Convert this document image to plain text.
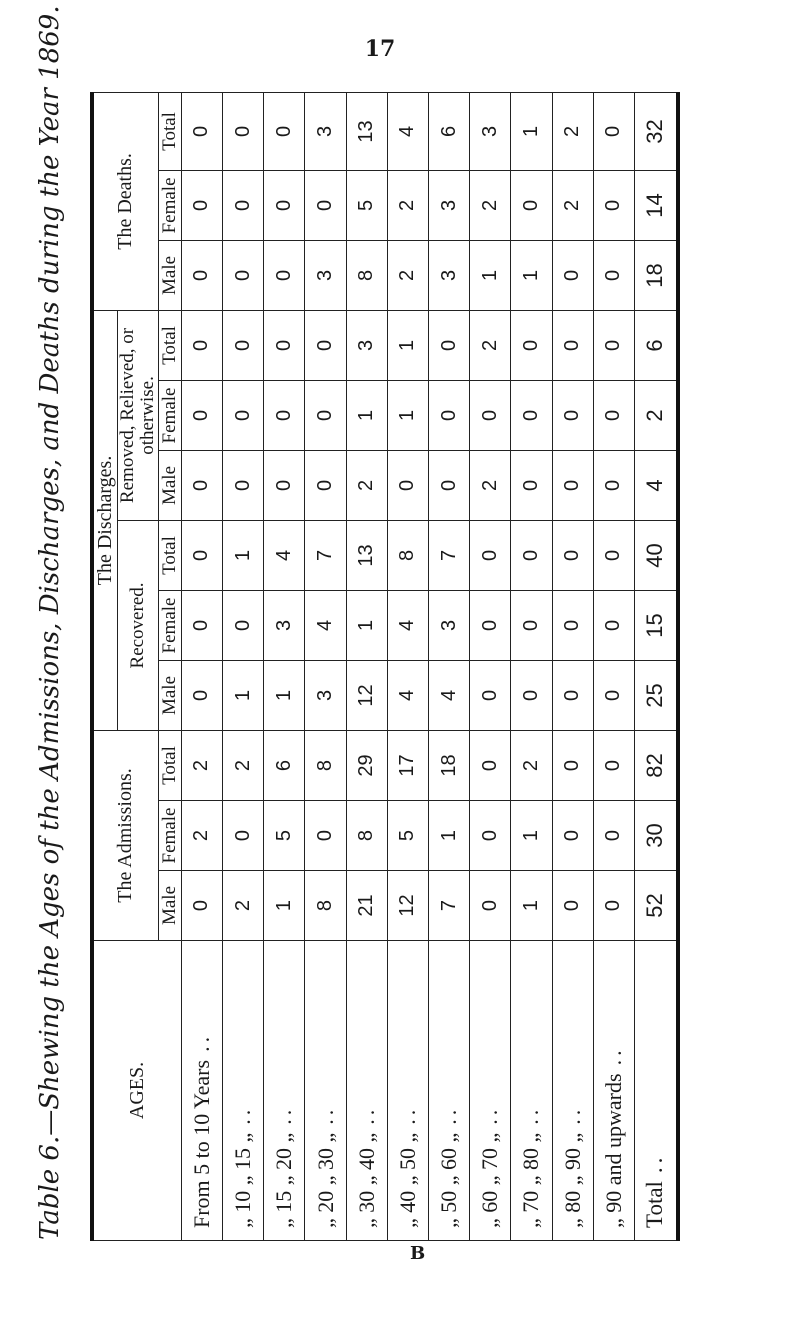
17
Table 6.—Shewing the Ages of the Admissions, Discharges, and Deaths during the Year 1869.	AGES.	The Admissions.			The Discharges.						The Deaths.		
				Recovered.			Removed, Relieved, or otherwise.					
	Male	Female	Total	Male	Female	Total	Male	Female	Total	Male	Female	Total
From 5 to 10 Years..	0	2	2	0	0	0	0	0	0	0	0	0
„ 10 „ 15 „..	2	0	2	1	0	1	0	0	0	0	0	0
„ 15 „ 20 „..	1	5	6	1	3	4	0	0	0	0	0	0
„ 20 „ 30 „..	8	0	8	3	4	7	0	0	0	3	0	3
„ 30 „ 40 „..	21	8	29	12	1	13	2	1	3	8	5	13
„ 40 „ 50 „..	12	5	17	4	4	8	0	1	1	2	2	4
„ 50 „ 60 „..	7	1	18	4	3	7	0	0	0	3	3	6
„ 60 „ 70 „..	0	0	0	0	0	0	2	0	2	1	2	3
„ 70 „ 80 „..	1	1	2	0	0	0	0	0	0	1	0	1
„ 80 „ 90 „..	0	0	0	0	0	0	0	0	0	0	2	2
„ 90 and upwards..	0	0	0	0	0	0	0	0	0	0	0	0
Total..	52	30	82	25	15	40	4	2	6	18	14	32
B
